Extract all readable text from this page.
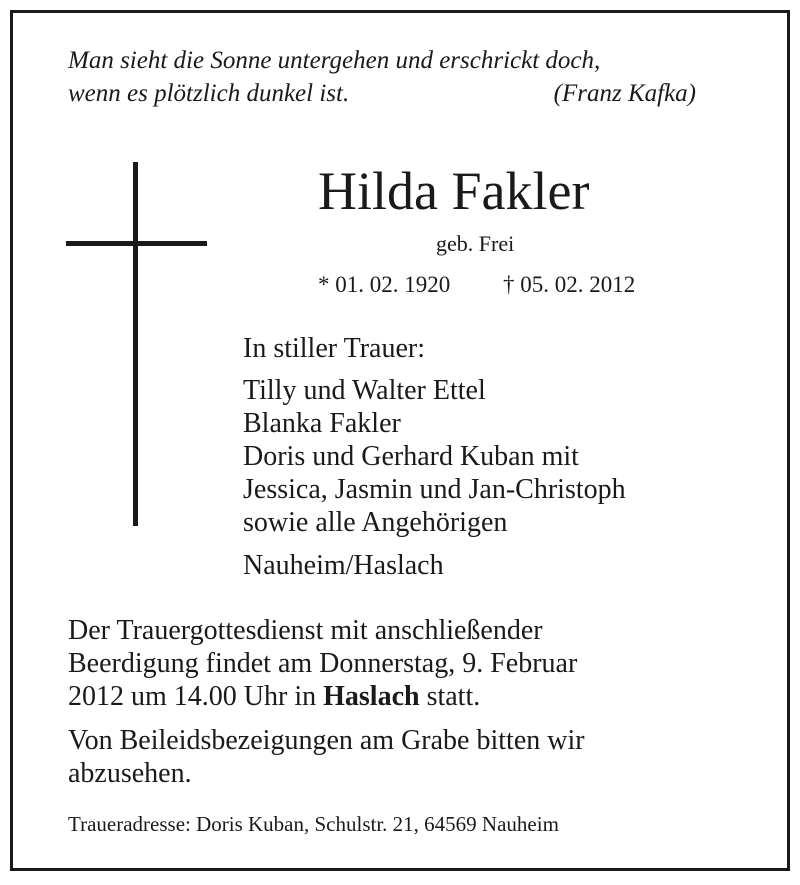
Man sieht die Sonne untergehen und erschrickt doch,
wenn es plötzlich dunkel ist.	(Franz Kafka)
Hilda Fakler
geb. Frei
* 01. 02. 1920 † 05. 02. 2012
In stiller Trauer:
Tilly und Walter Ettel
Blanka Fakler
Doris und Gerhard Kuban mit
Jessica, Jasmin und Jan-Christoph
sowie alle Angehörigen
Nauheim/Haslach
Der Trauergottesdienst mit anschließender
Beerdigung findet am Donnerstag, 9. Februar
2012 um 14.00 Uhr in Haslach statt.
Von Beileidsbezeigungen am Grabe bitten wir
abzusehen.
Traueradresse: Doris Kuban, Schulstr. 21, 64569 Nauheim
